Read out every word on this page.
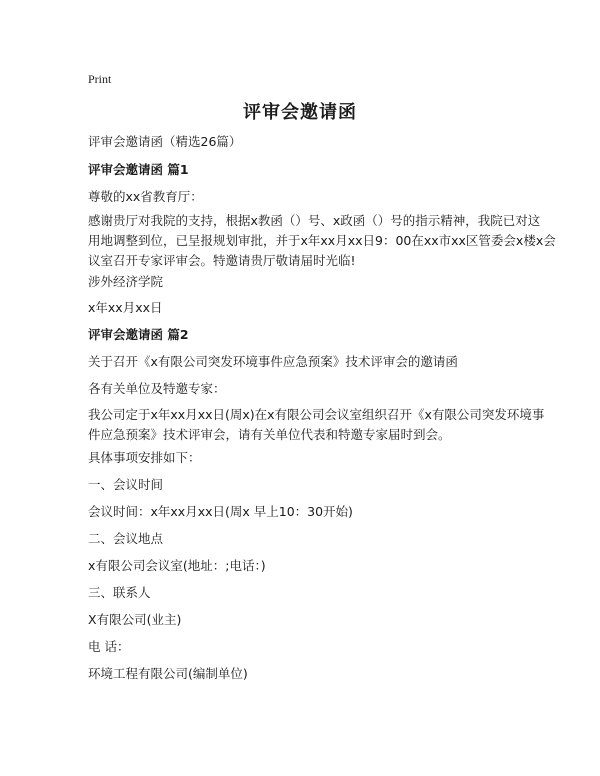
Print
评审会邀请函
评审会邀请函（精选26篇）
评审会邀请函 篇1
尊敬的xx省教育厅：
感谢贵厅对我院的支持，根据x教函（）号、x政函（）号的指示精神，我院已对这
用地调整到位，已呈报规划审批，并于x年xx月xx日9：00在xx市xx区管委会x楼x会
议室召开专家评审会。特邀请贵厅敬请届时光临!
涉外经济学院
x年xx月xx日
评审会邀请函 篇2
关于召开《x有限公司突发环境事件应急预案》技术评审会的邀请函
各有关单位及特邀专家：
我公司定于x年xx月xx日(周x)在x有限公司会议室组织召开《x有限公司突发环境事
件应急预案》技术评审会，请有关单位代表和特邀专家届时到会。
具体事项安排如下：
一、会议时间
会议时间：x年xx月xx日(周x 早上10：30开始)
二、会议地点
x有限公司会议室(地址：;电话：)
三、联系人
X有限公司(业主)
电 话：
环境工程有限公司(编制单位)
